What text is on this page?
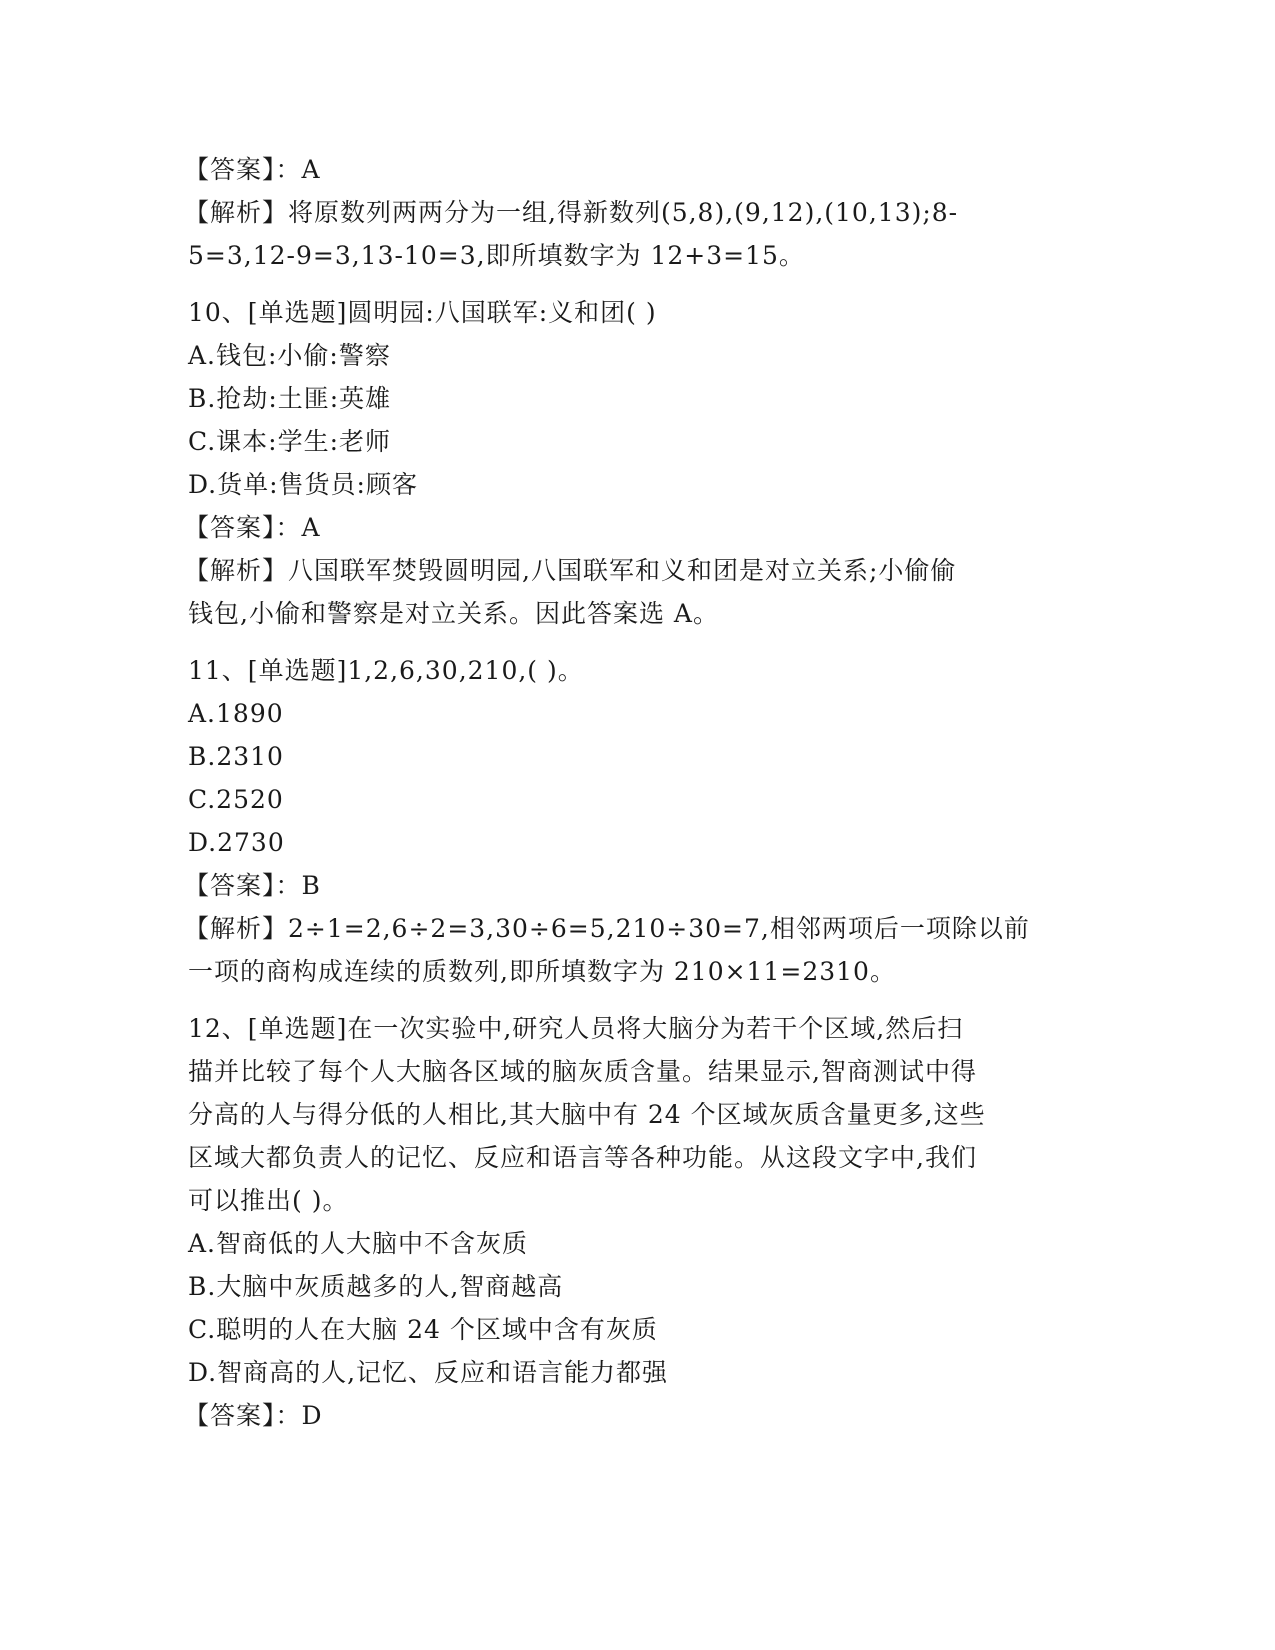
【答案】：A
【解析】将原数列两两分为一组,得新数列(5,8),(9,12),(10,13);8-
5=3,12-9=3,13-10=3,即所填数字为 12+3=15。
10、[单选题]圆明园:八国联军:义和团( )
A.钱包:小偷:警察
B.抢劫:土匪:英雄
C.课本:学生:老师
D.货单:售货员:顾客
【答案】：A
【解析】八国联军焚毁圆明园,八国联军和义和团是对立关系;小偷偷
钱包,小偷和警察是对立关系。因此答案选 A。
11、[单选题]1,2,6,30,210,( )。
A.1890
B.2310
C.2520
D.2730
【答案】：B
【解析】2÷1=2,6÷2=3,30÷6=5,210÷30=7,相邻两项后一项除以前
一项的商构成连续的质数列,即所填数字为 210×11=2310。
12、[单选题]在一次实验中,研究人员将大脑分为若干个区域,然后扫
描并比较了每个人大脑各区域的脑灰质含量。结果显示,智商测试中得
分高的人与得分低的人相比,其大脑中有 24 个区域灰质含量更多,这些
区域大都负责人的记忆、反应和语言等各种功能。从这段文字中,我们
可以推出( )。
A.智商低的人大脑中不含灰质
B.大脑中灰质越多的人,智商越高
C.聪明的人在大脑 24 个区域中含有灰质
D.智商高的人,记忆、反应和语言能力都强
【答案】：D
